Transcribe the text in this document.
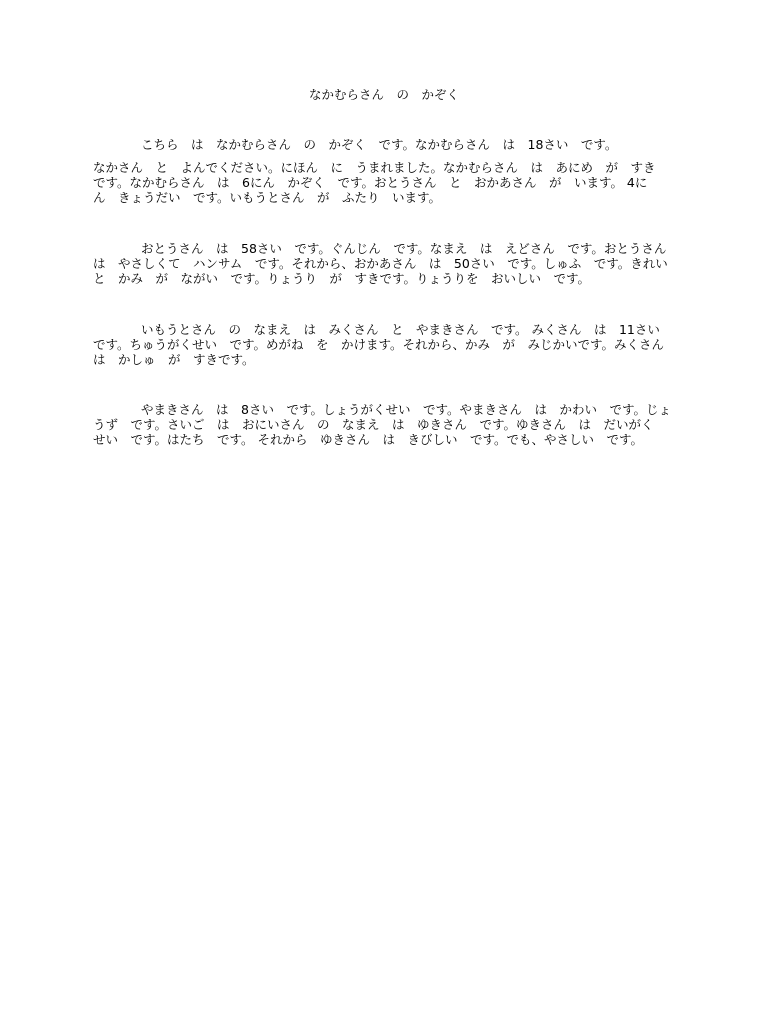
なかむらさん　の　かぞく
こちら　は　なかむらさん　の　かぞく　です。なかむらさん　は　18さい　です。
なかさん　と　よんでください。にほん　に　うまれました。なかむらさん　は　あにめ　が　すき
です。なかむらさん　は　6にん　かぞく　です。おとうさん　と　おかあさん　が　います。 4に
ん　きょうだい　です。いもうとさん　が　ふたり　います。
おとうさん　は　58さい　です。ぐんじん　です。なまえ　は　えどさん　です。おとうさん
は　やさしくて　ハンサム　です。それから、おかあさん　は　50さい　です。しゅふ　です。きれい
と　かみ　が　ながい　です。りょうり　が　すきです。りょうりを　おいしい　です。
いもうとさん　の　なまえ　は　みくさん　と　やまきさん　です。 みくさん　は　11さい
です。ちゅうがくせい　です。めがね　を　かけます。それから、かみ　が　みじかいです。みくさん
は　かしゅ　が　すきです。
やまきさん　は　8さい　です。しょうがくせい　です。やまきさん　は　かわい　です。じょ
うず　です。さいご　は　おにいさん　の　なまえ　は　ゆきさん　です。ゆきさん　は　だいがく
せい　です。はたち　です。 それから　ゆきさん　は　きびしい　です。でも、やさしい　です。
